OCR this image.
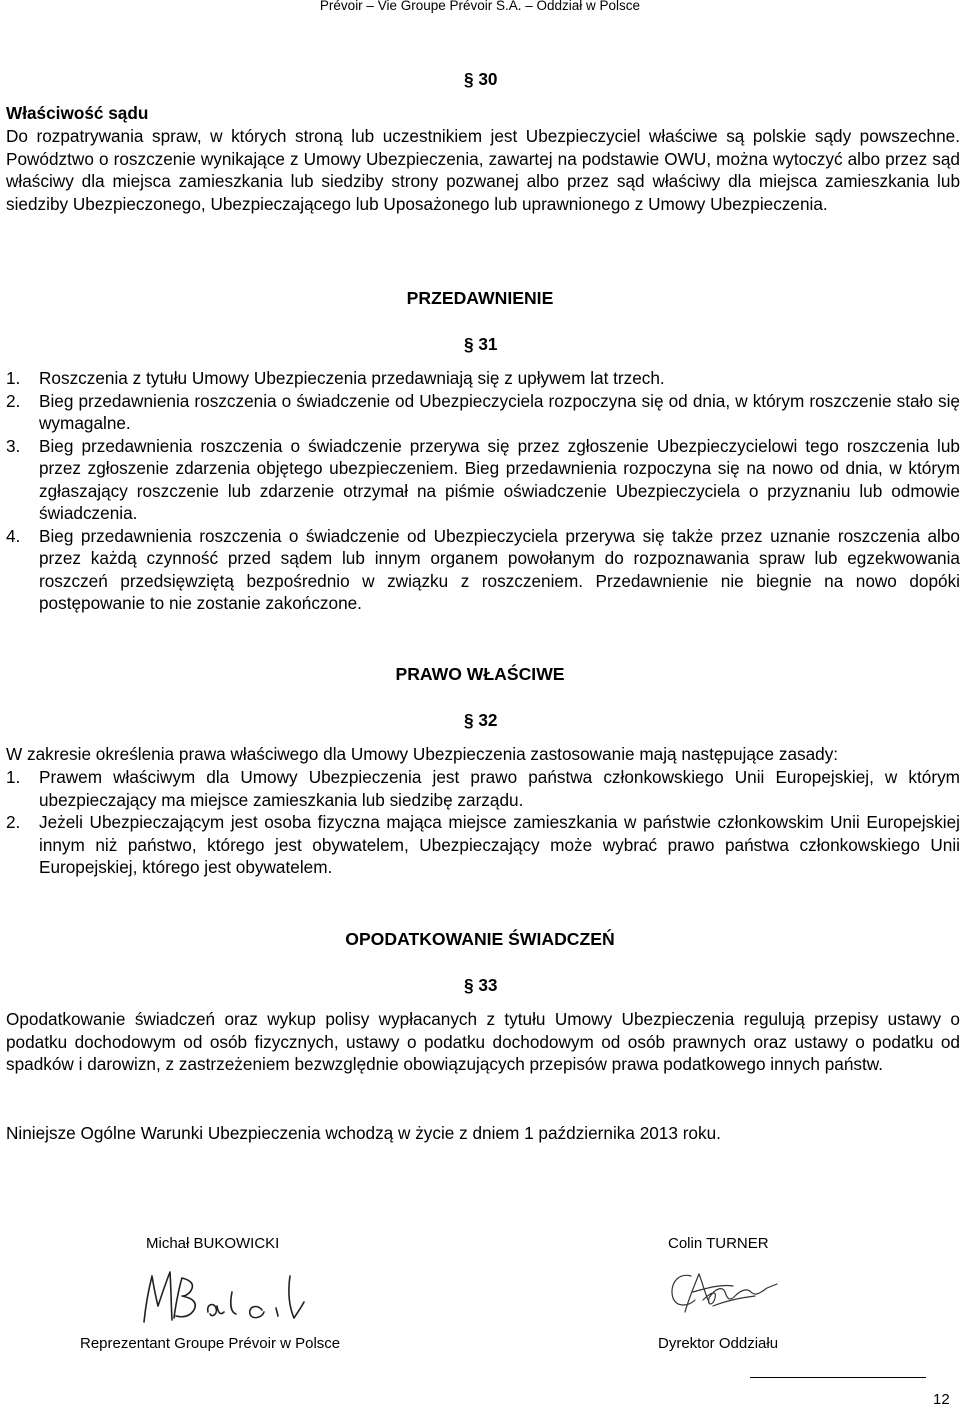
Prévoir – Vie Groupe Prévoir S.A. – Oddział w Polsce
§ 30
Właściwość sądu

Do rozpatrywania spraw, w których stroną lub uczestnikiem jest Ubezpieczyciel właściwe są polskie sądy powszechne. Powództwo o roszczenie wynikające z Umowy Ubezpieczenia, zawartej na podstawie OWU, można wytoczyć albo przez sąd właściwy dla miejsca zamieszkania lub siedziby strony pozwanej albo przez sąd właściwy dla miejsca zamieszkania lub siedziby Ubezpieczonego, Ubezpieczającego lub Uposażonego lub uprawnionego z Umowy Ubezpieczenia.

PRZEDAWNIENIE
§ 31
1. Roszczenia z tytułu Umowy Ubezpieczenia przedawniają się z upływem lat trzech.
2. Bieg przedawnienia roszczenia o świadczenie od Ubezpieczyciela rozpoczyna się od dnia, w którym roszczenie stało się wymagalne.
3. Bieg przedawnienia roszczenia o świadczenie przerywa się przez zgłoszenie Ubezpieczycielowi tego roszczenia lub przez zgłoszenie zdarzenia objętego ubezpieczeniem. Bieg przedawnienia rozpoczyna się na nowo od dnia, w którym zgłaszający roszczenie lub zdarzenie otrzymał na piśmie oświadczenie Ubezpieczyciela o przyznaniu lub odmowie świadczenia.
4. Bieg przedawnienia roszczenia o świadczenie od Ubezpieczyciela przerywa się także przez uznanie roszczenia albo przez każdą czynność przed sądem lub innym organem powołanym do rozpoznawania spraw lub egzekwowania roszczeń przedsięwziętą bezpośrednio w związku z roszczeniem. Przedawnienie nie biegnie na nowo dopóki postępowanie to nie zostanie zakończone.
PRAWO WŁAŚCIWE
§ 32

W zakresie określenia prawa właściwego dla Umowy Ubezpieczenia zastosowanie mają następujące zasady:

1. Prawem właściwym dla Umowy Ubezpieczenia jest prawo państwa członkowskiego Unii Europejskiej, w którym ubezpieczający ma miejsce zamieszkania lub siedzibę zarządu.
2. Jeżeli Ubezpieczającym jest osoba fizyczna mająca miejsce zamieszkania w państwie członkowskim Unii Europejskiej innym niż państwo, którego jest obywatelem, Ubezpieczający może wybrać prawo państwa członkowskiego Unii Europejskiej, którego jest obywatelem.
OPODATKOWANIE ŚWIADCZEŃ
§ 33

Opodatkowanie świadczeń oraz wykup polisy wypłacanych z tytułu Umowy Ubezpieczenia regulują przepisy ustawy o podatku dochodowym od osób fizycznych, ustawy o podatku dochodowym od osób prawnych oraz ustawy o podatku od spadków i darowizn, z zastrzeżeniem bezwzględnie obowiązujących przepisów prawa podatkowego innych państw.

Niniejsze Ogólne Warunki Ubezpieczenia wchodzą w życie z dniem 1 października 2013 roku.

Michał BUKOWICKI	Colin TURNER
Reprezentant Groupe Prévoir w Polsce	Dyrektor Oddziału
12
